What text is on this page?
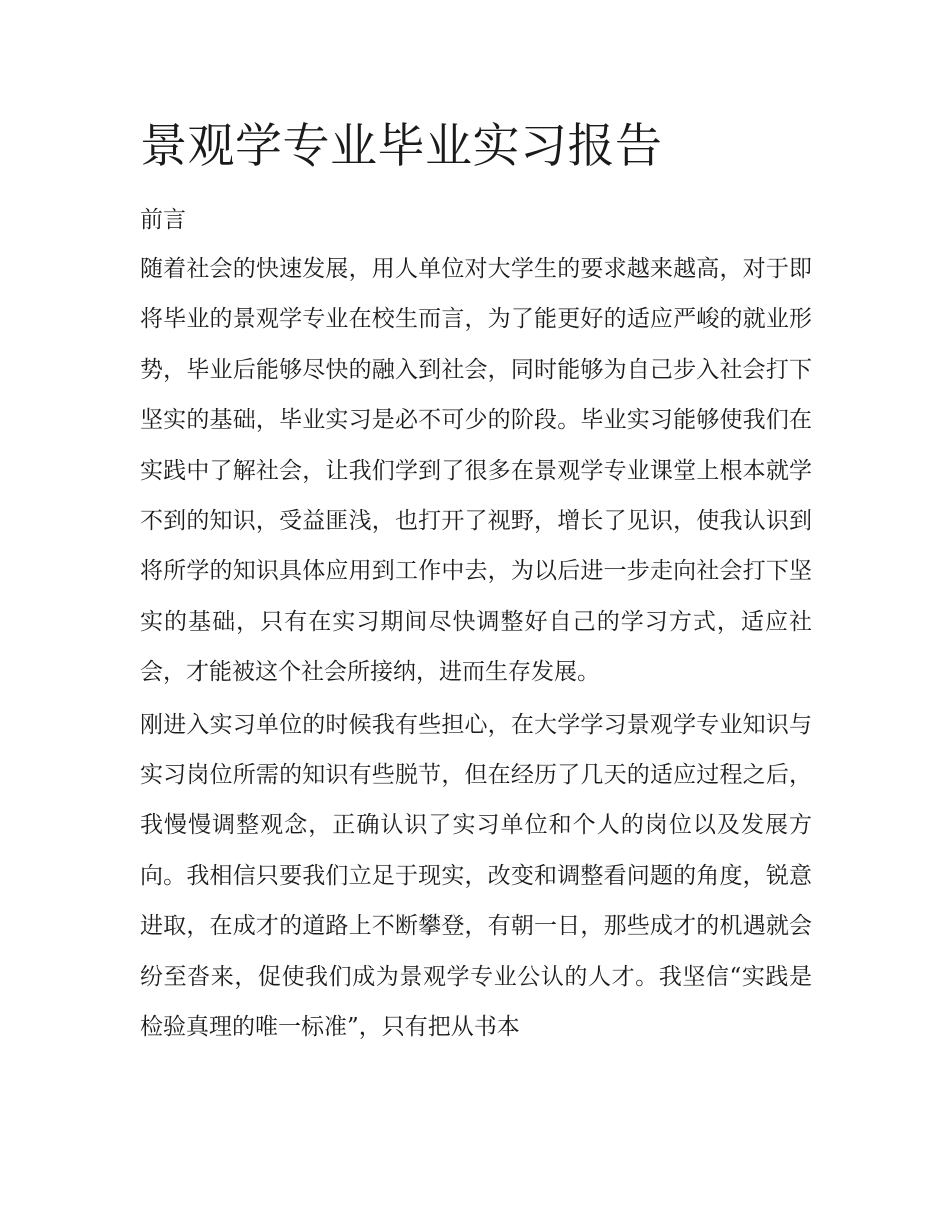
景观学专业毕业实习报告
前言

随着社会的快速发展，用人单位对大学生的要求越来越高，对于即将毕业的景观学专业在校生而言，为了能更好的适应严峻的就业形势，毕业后能够尽快的融入到社会，同时能够为自己步入社会打下坚实的基础，毕业实习是必不可少的阶段。毕业实习能够使我们在实践中了解社会，让我们学到了很多在景观学专业课堂上根本就学不到的知识，受益匪浅，也打开了视野，增长了见识，使我认识到将所学的知识具体应用到工作中去，为以后进一步走向社会打下坚实的基础，只有在实习期间尽快调整好自己的学习方式，适应社会，才能被这个社会所接纳，进而生存发展。

刚进入实习单位的时候我有些担心，在大学学习景观学专业知识与实习岗位所需的知识有些脱节，但在经历了几天的适应过程之后，我慢慢调整观念，正确认识了实习单位和个人的岗位以及发展方向。我相信只要我们立足于现实，改变和调整看问题的角度，锐意进取，在成才的道路上不断攀登，有朝一日，那些成才的机遇就会纷至沓来，促使我们成为景观学专业公认的人才。我坚信“实践是检验真理的唯一标准”，只有把从书本
